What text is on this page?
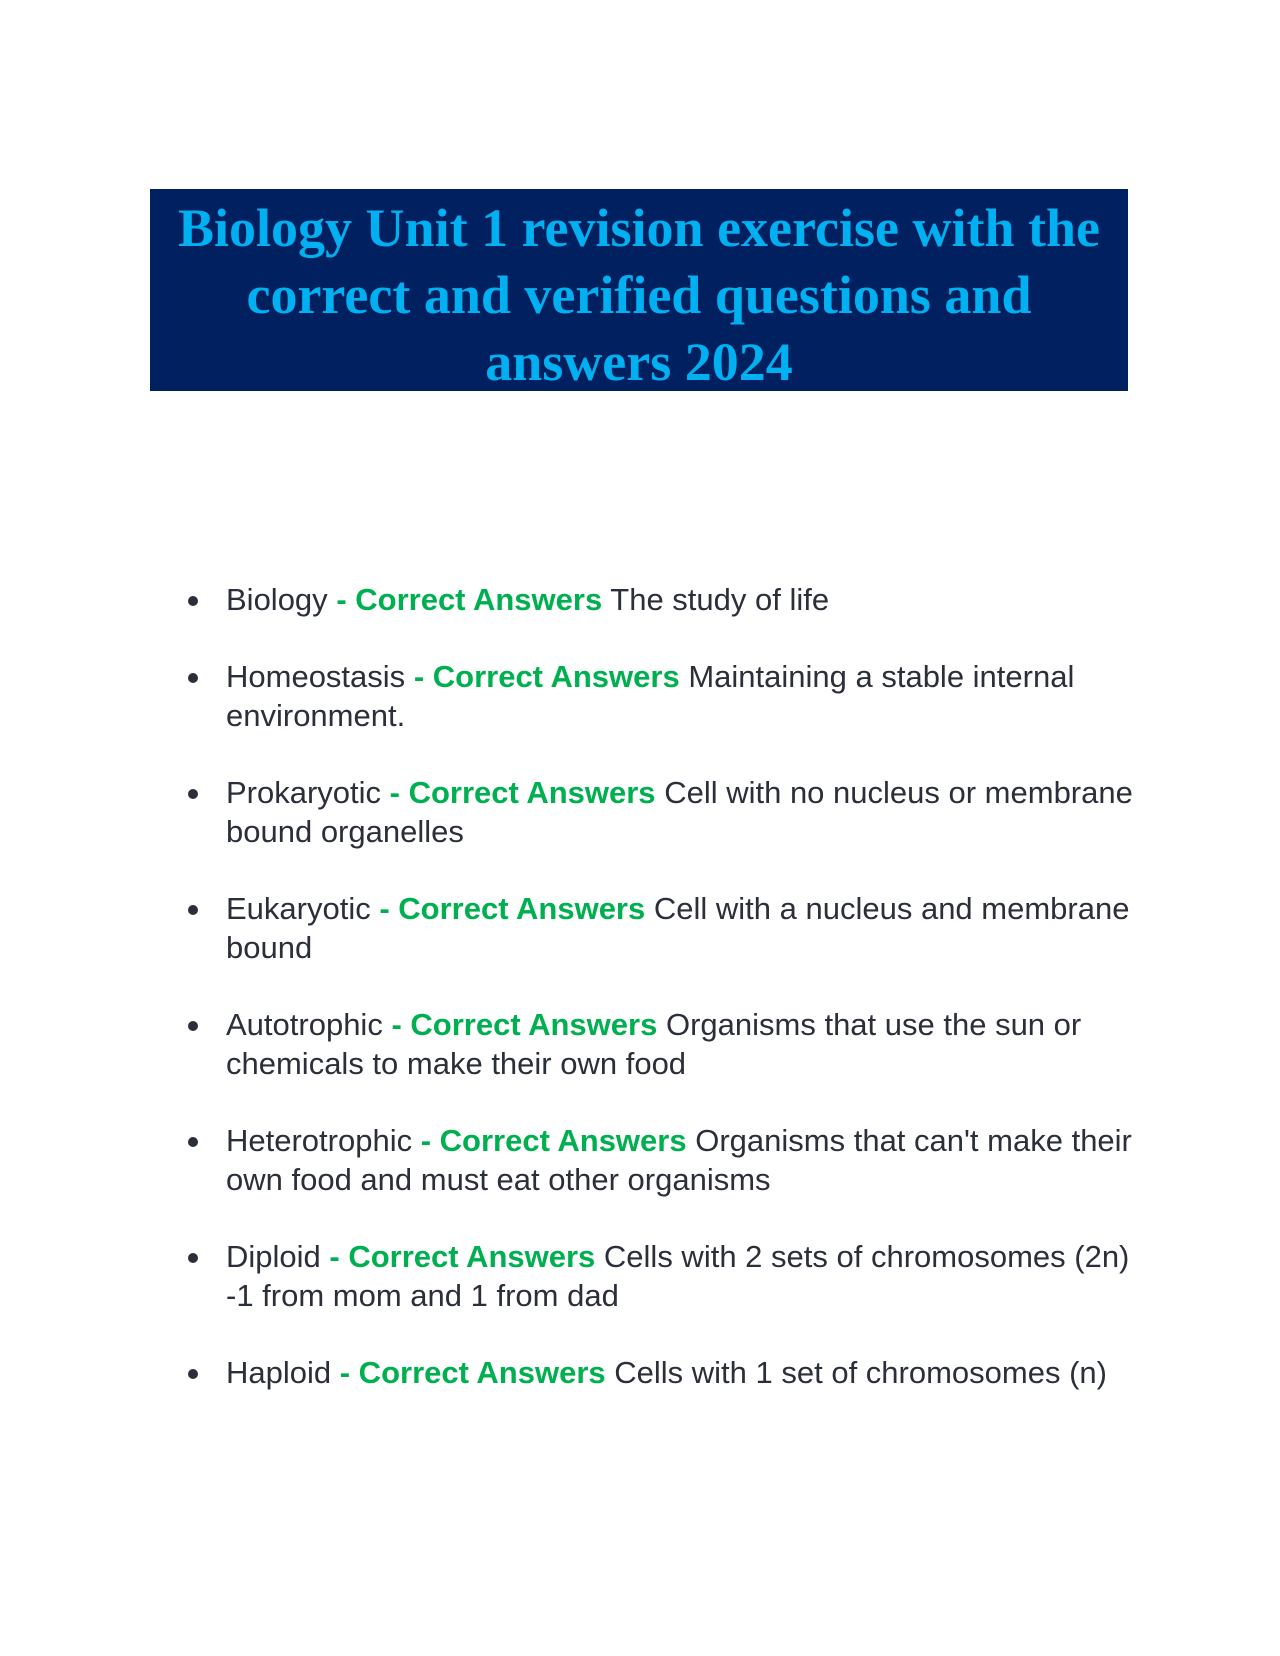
Biology Unit 1 revision exercise with the correct and verified questions and answers 2024
Biology - Correct Answers The study of life
Homeostasis - Correct Answers Maintaining a stable internal environment.
Prokaryotic - Correct Answers Cell with no nucleus or membrane bound organelles
Eukaryotic - Correct Answers Cell with a nucleus and membrane bound
Autotrophic - Correct Answers Organisms that use the sun or chemicals to make their own food
Heterotrophic - Correct Answers Organisms that can't make their own food and must eat other organisms
Diploid - Correct Answers Cells with 2 sets of chromosomes (2n) -1 from mom and 1 from dad
Haploid - Correct Answers Cells with 1 set of chromosomes (n)
